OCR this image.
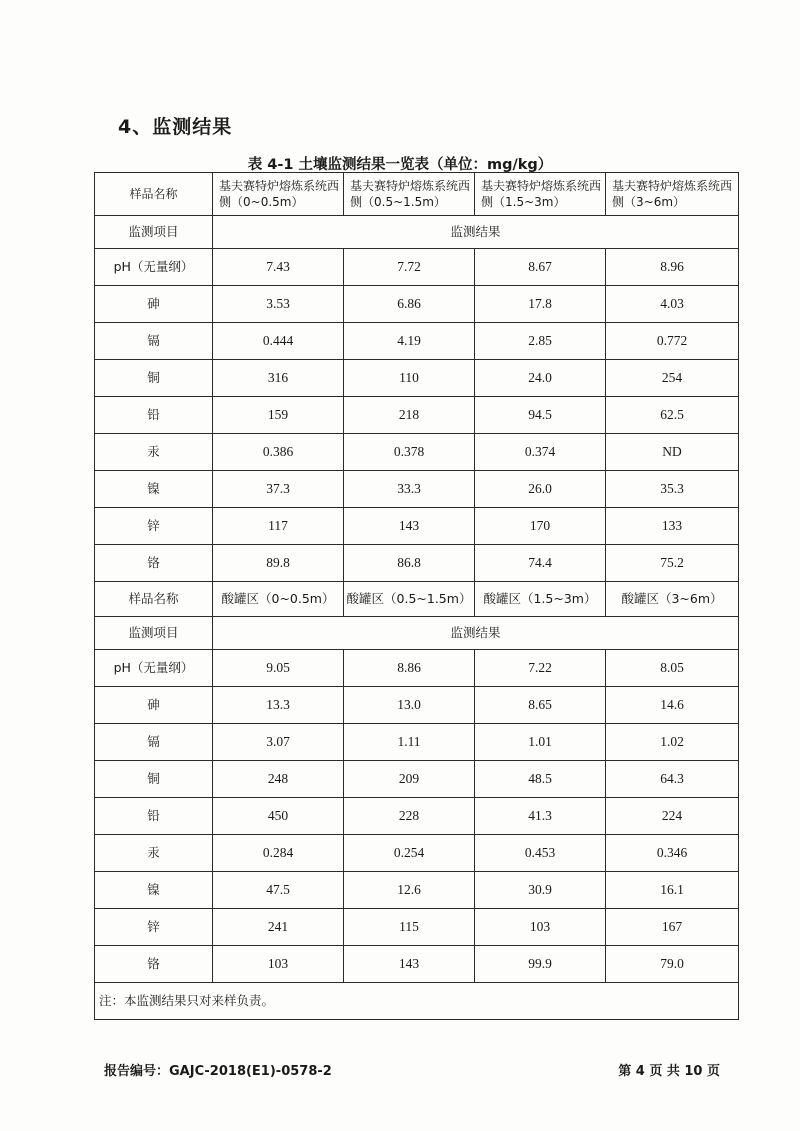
4、监测结果
表 4-1 土壤监测结果一览表（单位：mg/kg）
样品名称	基夫赛特炉熔炼系统西侧（0~0.5m）	基夫赛特炉熔炼系统西侧（0.5~1.5m）	基夫赛特炉熔炼系统西侧（1.5~3m）	基夫赛特炉熔炼系统西侧（3~6m）
监测项目	监测结果			
pH（无量纲）	7.43	7.72	8.67	8.96
砷	3.53	6.86	17.8	4.03
镉	0.444	4.19	2.85	0.772
铜	316	110	24.0	254
铅	159	218	94.5	62.5
汞	0.386	0.378	0.374	ND
镍	37.3	33.3	26.0	35.3
锌	117	143	170	133
铬	89.8	86.8	74.4	75.2
样品名称	酸罐区（0~0.5m）	酸罐区（0.5~1.5m）	酸罐区（1.5~3m）	酸罐区（3~6m）
监测项目	监测结果			
pH（无量纲）	9.05	8.86	7.22	8.05
砷	13.3	13.0	8.65	14.6
镉	3.07	1.11	1.01	1.02
铜	248	209	48.5	64.3
铅	450	228	41.3	224
汞	0.284	0.254	0.453	0.346
镍	47.5	12.6	30.9	16.1
锌	241	115	103	167
铬	103	143	99.9	79.0
注：本监测结果只对来样负责。				
报告编号：GAJC-2018(E1)-0578-2	第 4 页 共 10 页
